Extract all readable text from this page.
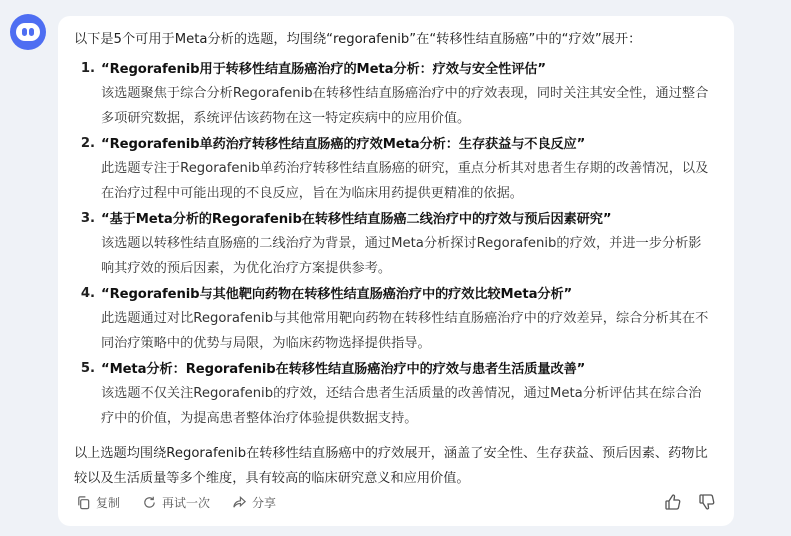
以下是5个可用于Meta分析的选题，均围绕“regorafenib”在“转移性结直肠癌”中的“疗效”展开：

1. “Regorafenib用于转移性结直肠癌治疗的Meta分析：疗效与安全性评估”
该选题聚焦于综合分析Regorafenib在转移性结直肠癌治疗中的疗效表现，同时关注其安全性，通过整合多项研究数据，系统评估该药物在这一特定疾病中的应用价值。
2. “Regorafenib单药治疗转移性结直肠癌的疗效Meta分析：生存获益与不良反应”
此选题专注于Regorafenib单药治疗转移性结直肠癌的研究，重点分析其对患者生存期的改善情况，以及在治疗过程中可能出现的不良反应，旨在为临床用药提供更精准的依据。
3. “基于Meta分析的Regorafenib在转移性结直肠癌二线治疗中的疗效与预后因素研究”
该选题以转移性结直肠癌的二线治疗为背景，通过Meta分析探讨Regorafenib的疗效，并进一步分析影响其疗效的预后因素，为优化治疗方案提供参考。
4. “Regorafenib与其他靶向药物在转移性结直肠癌治疗中的疗效比较Meta分析”
此选题通过对比Regorafenib与其他常用靶向药物在转移性结直肠癌治疗中的疗效差异，综合分析其在不同治疗策略中的优势与局限，为临床药物选择提供指导。
5. “Meta分析：Regorafenib在转移性结直肠癌治疗中的疗效与患者生活质量改善”
该选题不仅关注Regorafenib的疗效，还结合患者生活质量的改善情况，通过Meta分析评估其在综合治疗中的价值，为提高患者整体治疗体验提供数据支持。

以上选题均围绕Regorafenib在转移性结直肠癌中的疗效展开，涵盖了安全性、生存获益、预后因素、药物比较以及生活质量等多个维度，具有较高的临床研究意义和应用价值。

复制	再试一次	分享
